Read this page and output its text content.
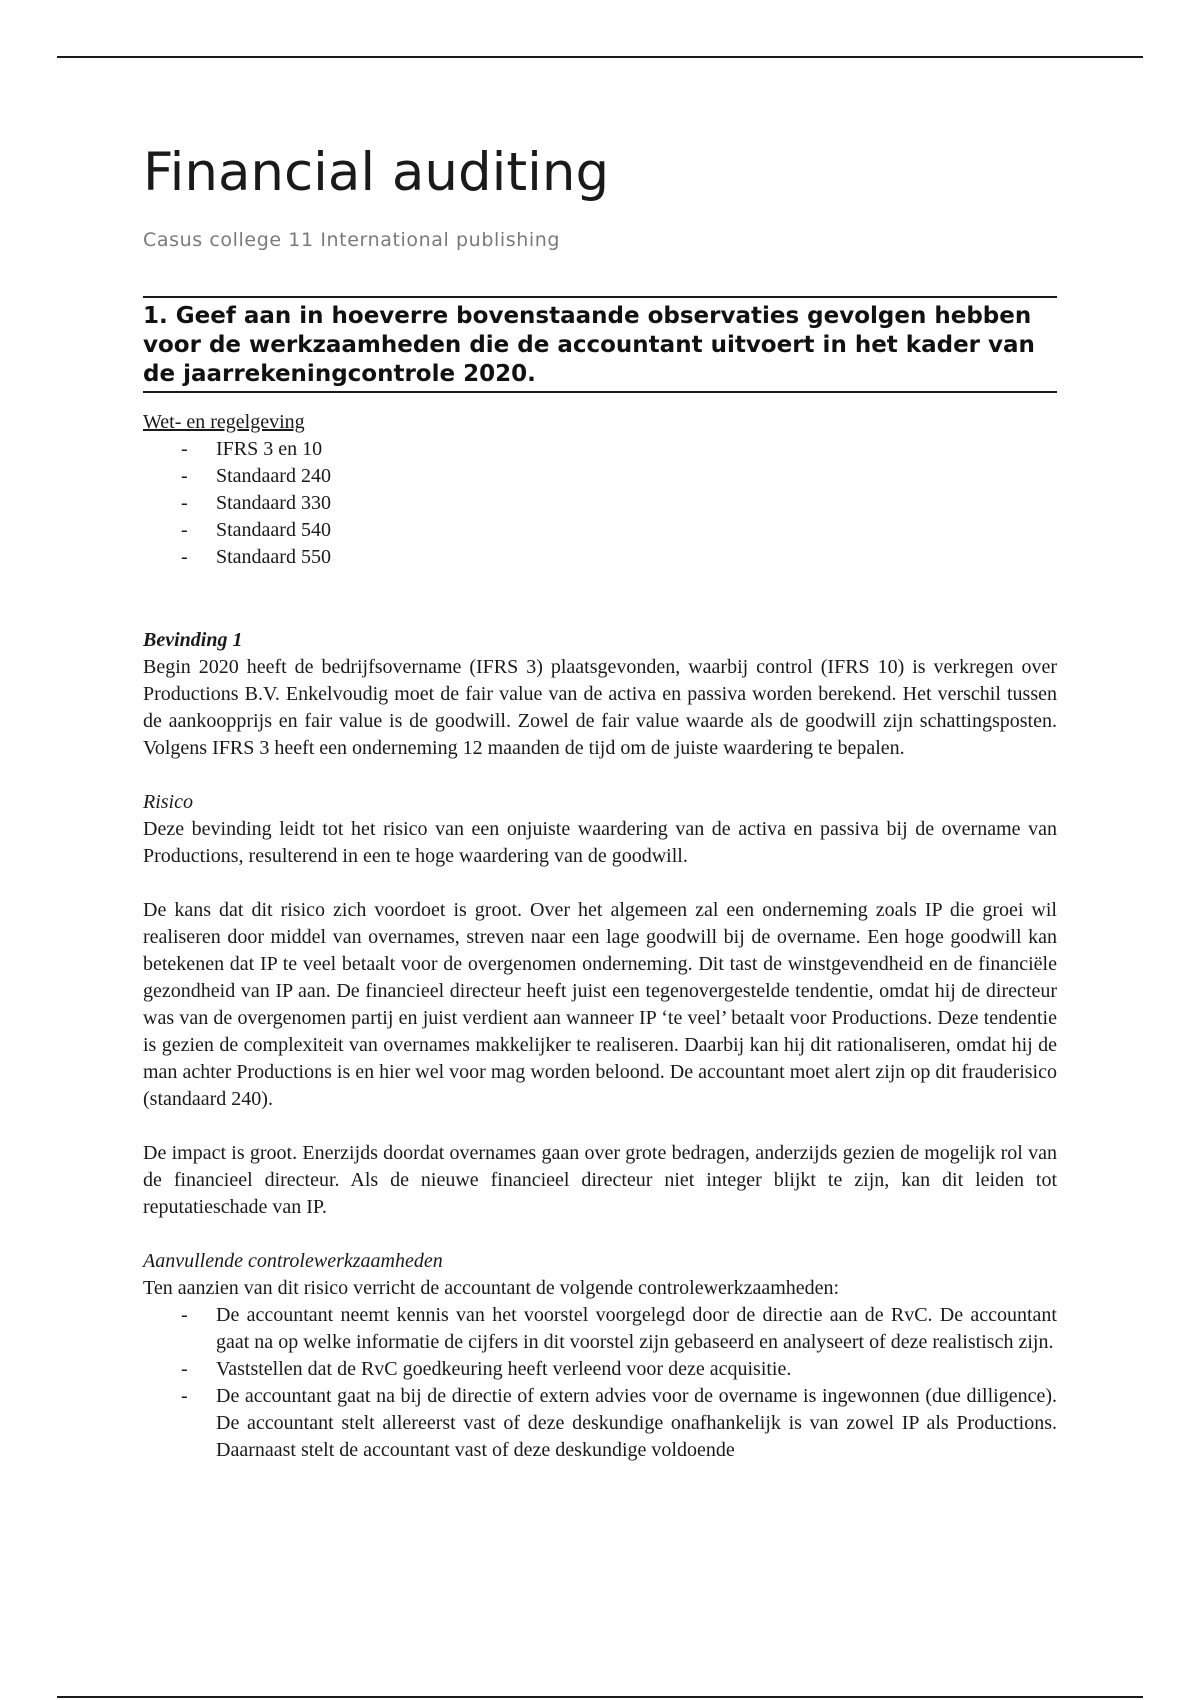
Financial auditing
Casus college 11 International publishing

1. Geef aan in hoeverre bovenstaande observaties gevolgen hebben voor de werkzaamheden die de accountant uitvoert in het kader van de jaarrekeningcontrole 2020.

Wet- en regelgeving
- IFRS 3 en 10
- Standaard 240
- Standaard 330
- Standaard 540
- Standaard 550
Bevinding 1

Begin 2020 heeft de bedrijfsovername (IFRS 3) plaatsgevonden, waarbij control (IFRS 10) is verkregen over Productions B.V. Enkelvoudig moet de fair value van de activa en passiva worden berekend. Het verschil tussen de aankoopprijs en fair value is de goodwill. Zowel de fair value waarde als de goodwill zijn schattingsposten. Volgens IFRS 3 heeft een onderneming 12 maanden de tijd om de juiste waardering te bepalen.

Risico

Deze bevinding leidt tot het risico van een onjuiste waardering van de activa en passiva bij de overname van Productions, resulterend in een te hoge waardering van de goodwill.

De kans dat dit risico zich voordoet is groot. Over het algemeen zal een onderneming zoals IP die groei wil realiseren door middel van overnames, streven naar een lage goodwill bij de overname. Een hoge goodwill kan betekenen dat IP te veel betaalt voor de overgenomen onderneming. Dit tast de winstgevendheid en de financiële gezondheid van IP aan. De financieel directeur heeft juist een tegenovergestelde tendentie, omdat hij de directeur was van de overgenomen partij en juist verdient aan wanneer IP ‘te veel’ betaalt voor Productions. Deze tendentie is gezien de complexiteit van overnames makkelijker te realiseren. Daarbij kan hij dit rationaliseren, omdat hij de man achter Productions is en hier wel voor mag worden beloond. De accountant moet alert zijn op dit frauderisico (standaard 240).

De impact is groot. Enerzijds doordat overnames gaan over grote bedragen, anderzijds gezien de mogelijk rol van de financieel directeur. Als de nieuwe financieel directeur niet integer blijkt te zijn, kan dit leiden tot reputatieschade van IP.

Aanvullende controlewerkzaamheden

Ten aanzien van dit risico verricht de accountant de volgende controlewerkzaamheden:

- De accountant neemt kennis van het voorstel voorgelegd door de directie aan de RvC. De accountant gaat na op welke informatie de cijfers in dit voorstel zijn gebaseerd en analyseert of deze realistisch zijn.
- Vaststellen dat de RvC goedkeuring heeft verleend voor deze acquisitie.
- De accountant gaat na bij de directie of extern advies voor de overname is ingewonnen (due dilligence). De accountant stelt allereerst vast of deze deskundige onafhankelijk is van zowel IP als Productions. Daarnaast stelt de accountant vast of deze deskundige voldoende
